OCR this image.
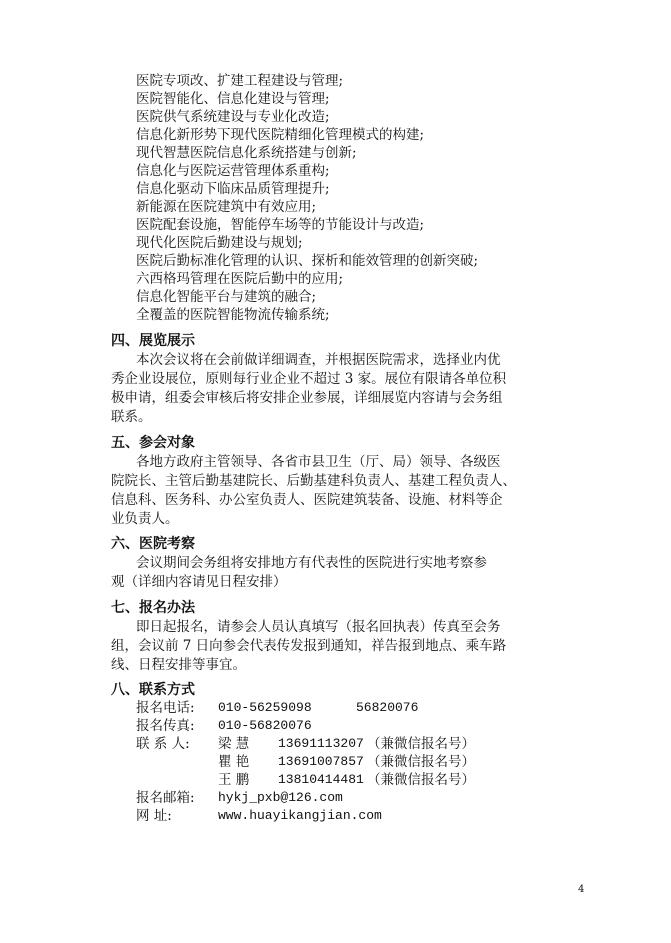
医院专项改、扩建工程建设与管理;
医院智能化、信息化建设与管理;
医院供气系统建设与专业化改造;
信息化新形势下现代医院精细化管理模式的构建;
现代智慧医院信息化系统搭建与创新;
信息化与医院运营管理体系重构;
信息化驱动下临床品质管理提升;
新能源在医院建筑中有效应用;
医院配套设施，智能停车场等的节能设计与改造;
现代化医院后勤建设与规划;
医院后勤标准化管理的认识、探析和能效管理的创新突破;
六西格玛管理在医院后勤中的应用;
信息化智能平台与建筑的融合;
全覆盖的医院智能物流传输系统;
四、展览展示
本次会议将在会前做详细调查，并根据医院需求，选择业内优
秀企业设展位，原则每行业企业不超过 3 家。展位有限请各单位积
极申请，组委会审核后将安排企业参展，详细展览内容请与会务组
联系。
五、参会对象
各地方政府主管领导、各省市县卫生（厅、局）领导、各级医
院院长、主管后勤基建院长、后勤基建科负责人、基建工程负责人、
信息科、医务科、办公室负责人、医院建筑装备、设施、材料等企
业负责人。
六、医院考察
会议期间会务组将安排地方有代表性的医院进行实地考察参
观（详细内容请见日程安排）
七、报名办法
即日起报名，请参会人员认真填写（报名回执表）传真至会务
组，会议前 7 日向参会代表传发报到通知，祥告报到地点、乘车路
线、日程安排等事宜。
八、联系方式
报名电话: 010-56259098	56820076
报名传真: 010-56820076
联 系 人: 梁 慧 13691113207 （兼微信报名号）
瞿 艳 13691007857 （兼微信报名号）
王 鹏 13810414481 （兼微信报名号）
报名邮箱: hykj_pxb@126.com
网 址:	www.huayikangjian.com
4
